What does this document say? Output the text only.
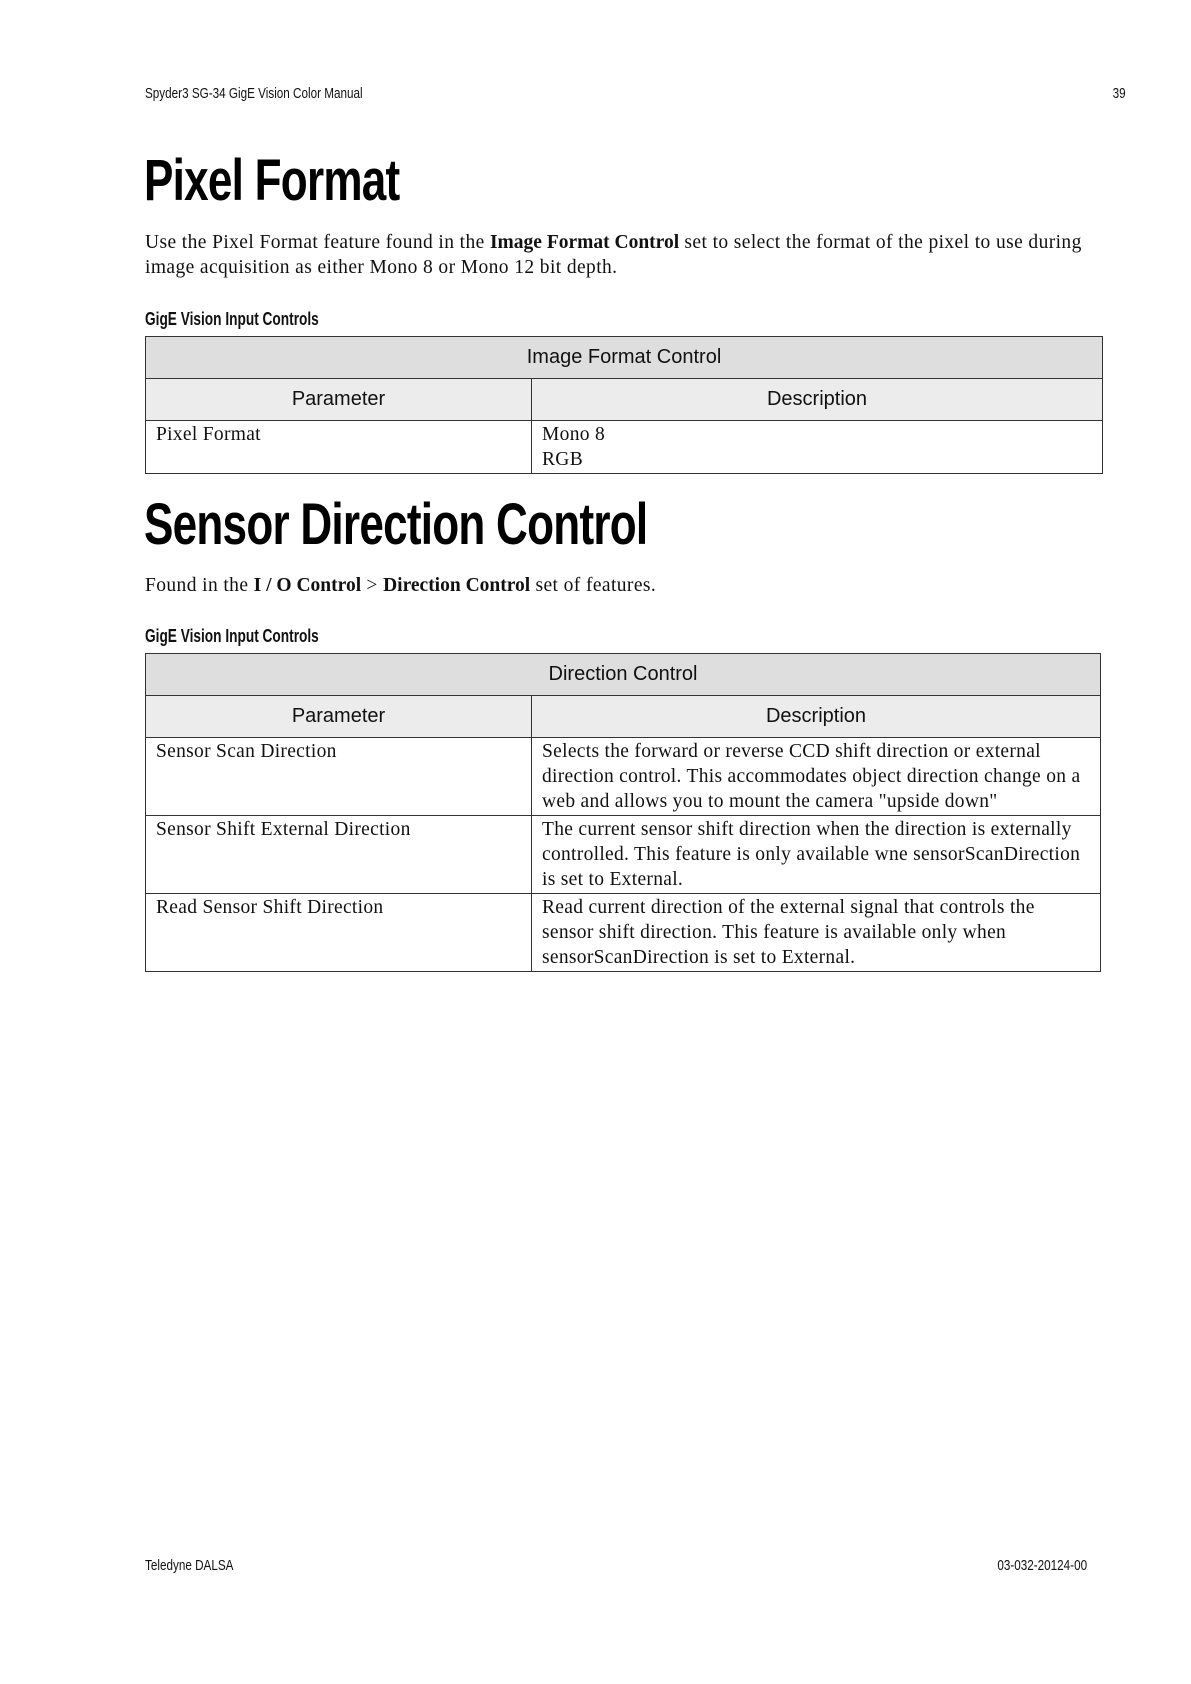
Spyder3 SG-34 GigE Vision Color Manual	39
Pixel Format
Use the Pixel Format feature found in the Image Format Control set to select the format of the pixel to use during image acquisition as either Mono 8 or Mono 12 bit depth.
GigE Vision Input Controls
Image Format Control	
Parameter	Description
Pixel Format	Mono 8
RGB
Sensor Direction Control
Found in the I / O Control > Direction Control set of features.
GigE Vision Input Controls
Direction Control	
Parameter	Description
Sensor Scan Direction	Selects the forward or reverse CCD shift direction or external direction control. This accommodates object direction change on a web and allows you to mount the camera "upside down"
Sensor Shift External Direction	The current sensor shift direction when the direction is externally controlled. This feature is only available wne sensorScanDirection is set to External.
Read Sensor Shift Direction	Read current direction of the external signal that controls the sensor shift direction. This feature is available only when sensorScanDirection is set to External.
Teledyne DALSA	03-032-20124-00
